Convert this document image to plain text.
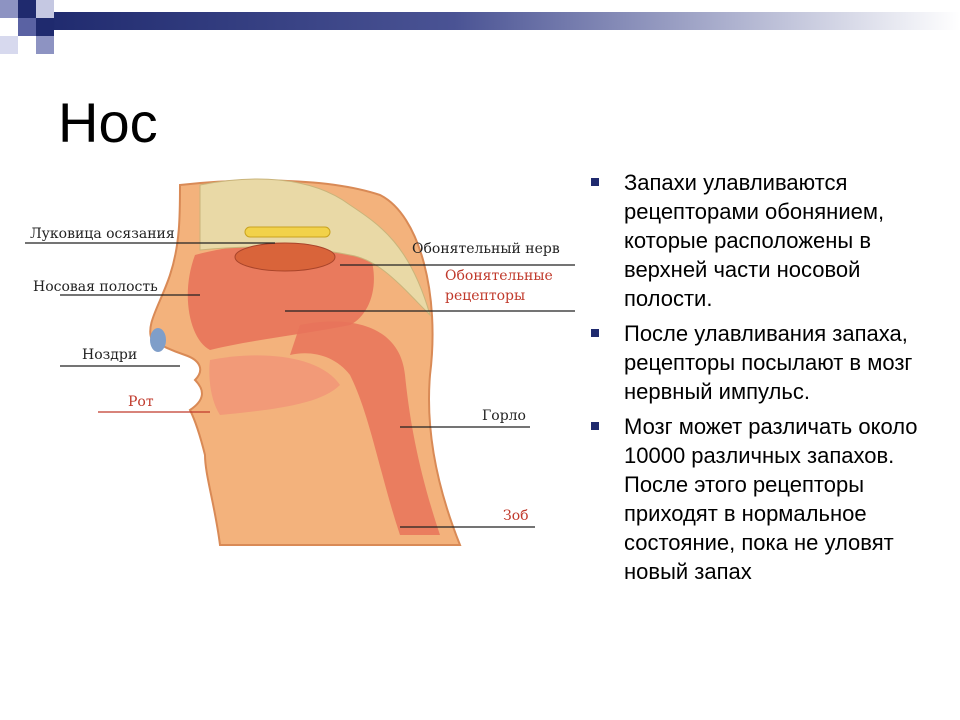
Нос
Луковица осязания
Носовая полость
Ноздри
Рот
Обонятельный нерв
Обонятельные
рецепторы
Горло
Зоб
Запахи улавливаются рецепторами обонянием, которые расположены в верхней части носовой полости.
После улавливания запаха, рецепторы посылают в мозг нервный импульс.
Мозг может различать около 10000 различных запахов. После этого рецепторы приходят в нормальное состояние, пока не уловят новый запах
